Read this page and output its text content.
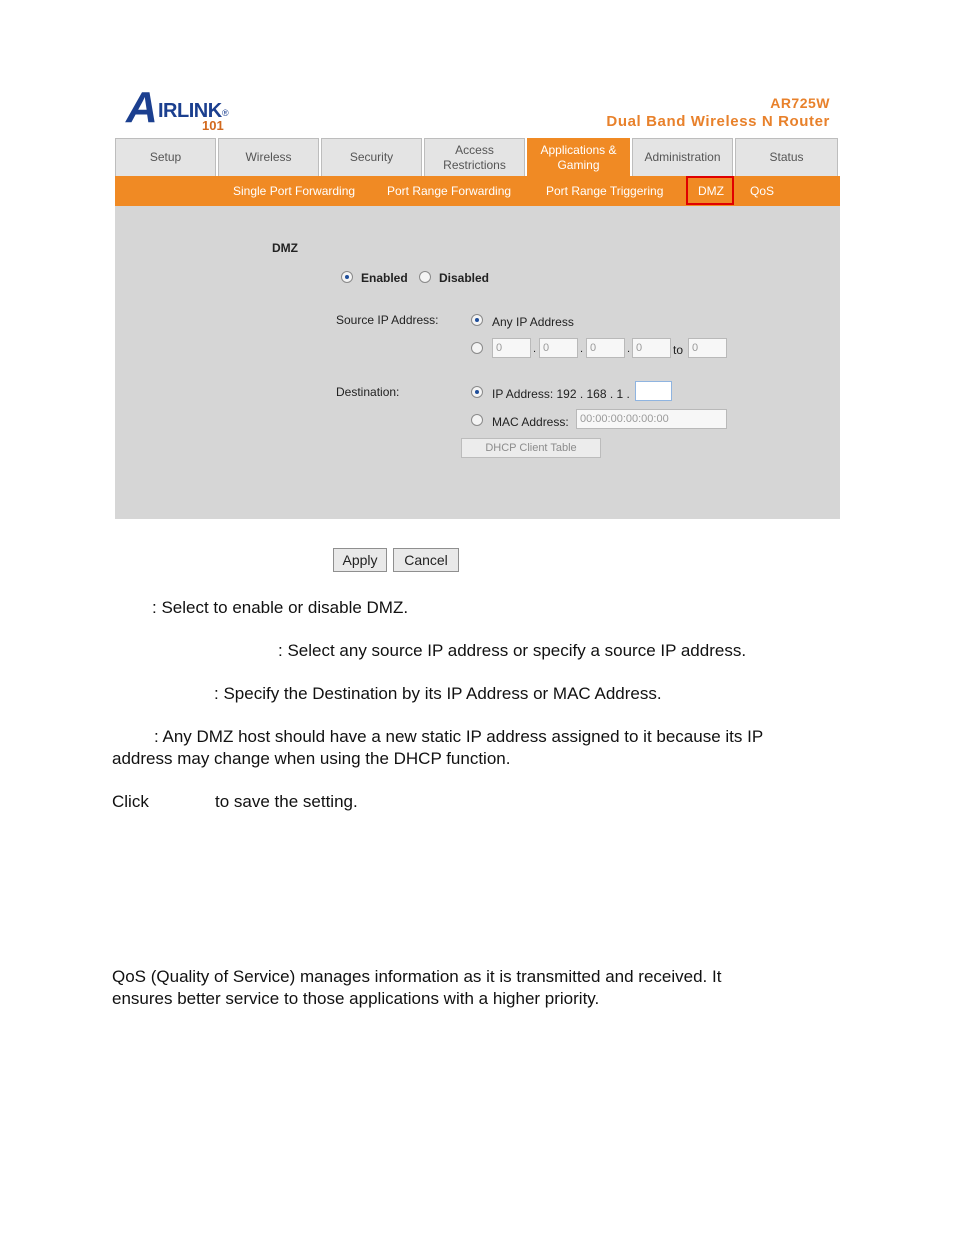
A IRLINK ®
101
AR725W
Dual Band Wireless N Router
Setup	Wireless	Security
Access
Restrictions
Applications &
Gaming
Administration	Status
Single Port Forwarding	Port Range Forwarding	Port Range Triggering	DMZ QoS
DMZ
Enabled	Disabled
Source IP Address:	Any IP Address
0	. 0	. 0	. 0	to 0
Destination:	IP Address: 192 . 168 . 1 .
MAC Address:	00:00:00:00:00:00
DHCP Client Table
Apply	Cancel
: Select to enable or disable DMZ.
: Select any source IP address or specify a source IP address.
: Specify the Destination by its IP Address or MAC Address.
: Any DMZ host should have a new static IP address assigned to it because its IP
address may change when using the DHCP function.
Click	to save the setting.
QoS (Quality of Service) manages information as it is transmitted and received. It
ensures better service to those applications with a higher priority.
